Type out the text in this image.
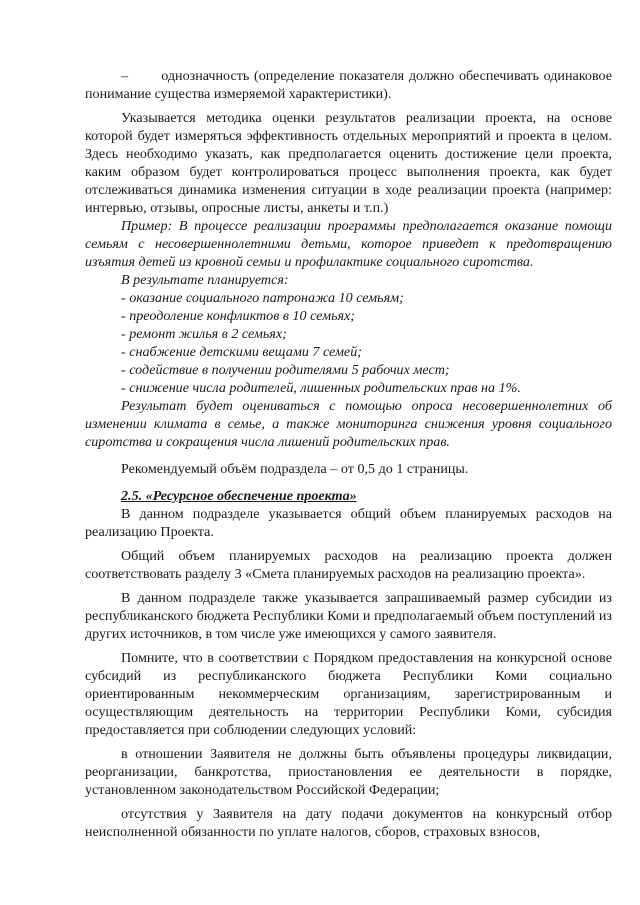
–       однозначность (определение показателя должно обеспечивать одинаковое понимание существа измеряемой характеристики).

Указывается методика оценки результатов реализации проекта, на основе которой будет измеряться эффективность отдельных мероприятий и проекта в целом. Здесь необходимо указать, как предполагается оценить достижение цели проекта, каким образом будет контролироваться процесс выполнения проекта, как будет отслеживаться динамика изменения ситуации в ходе реализации проекта (например: интервью, отзывы, опросные листы, анкеты и т.п.)

Пример: В процессе реализации программы предполагается оказание помощи семьям с несовершеннолетними детьми, которое приведет к предотвращению изъятия детей из кровной семьи и профилактике социального сиротства.

В результате планируется:

- оказание социального патронажа 10 семьям;
- преодоление конфликтов в 10 семьях;
- ремонт жилья в 2 семьях;
- снабжение детскими вещами 7 семей;
- содействие в получении родителями 5 рабочих мест;
- снижение числа родителей, лишенных родительских прав на 1%.

Результат будет оцениваться с помощью опроса несовершеннолетних об изменении климата в семье, а также мониторинга снижения уровня социального сиротства и сокращения числа лишений родительских прав.

Рекомендуемый объём подраздела – от 0,5 до 1 страницы.

2.5. «Ресурсное обеспечение проекта»

В данном подразделе указывается общий объем планируемых расходов на реализацию Проекта.

Общий объем планируемых расходов на реализацию проекта должен соответствовать разделу 3 «Смета планируемых расходов на реализацию проекта».

В данном подразделе также указывается запрашиваемый размер субсидии из республиканского бюджета Республики Коми и предполагаемый объем поступлений из других источников, в том числе уже имеющихся у самого заявителя.

Помните, что в соответствии с Порядком предоставления на конкурсной основе субсидий из республиканского бюджета Республики Коми социально ориентированным некоммерческим организациям, зарегистрированным и осуществляющим деятельность на территории Республики Коми, субсидия предоставляется при соблюдении следующих условий:

в отношении Заявителя не должны быть объявлены процедуры ликвидации, реорганизации, банкротства, приостановления ее деятельности в порядке, установленном законодательством Российской Федерации;

отсутствия у Заявителя на дату подачи документов на конкурсный отбор неисполненной обязанности по уплате налогов, сборов, страховых взносов,
